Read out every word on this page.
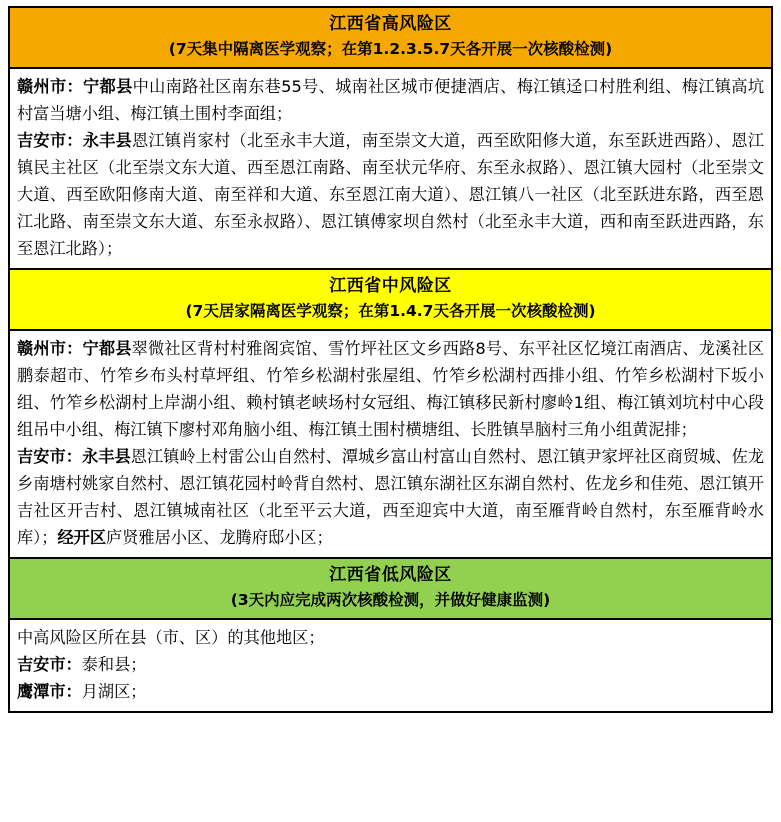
江西省高风险区
(7天集中隔离医学观察；在第1.2.3.5.7天各开展一次核酸检测)

赣州市：宁都县中山南路社区南东巷55号、城南社区城市便捷酒店、梅江镇迳口村胜利组、梅江镇高坑村富当塘小组、梅江镇土围村李面组；

吉安市：永丰县恩江镇肖家村（北至永丰大道，南至崇文大道，西至欧阳修大道，东至跃进西路）、恩江镇民主社区（北至崇文东大道、西至恩江南路、南至状元华府、东至永叔路）、恩江镇大园村（北至崇文大道、西至欧阳修南大道、南至祥和大道、东至恩江南大道）、恩江镇八一社区（北至跃进东路，西至恩江北路、南至崇文东大道、东至永叔路）、恩江镇傅家坝自然村（北至永丰大道，西和南至跃进西路，东至恩江北路）；

江西省中风险区
(7天居家隔离医学观察；在第1.4.7天各开展一次核酸检测)

赣州市：宁都县翠微社区背村村雅阁宾馆、雪竹坪社区文乡西路8号、东平社区忆境江南酒店、龙溪社区鹏泰超市、竹笮乡布头村草坪组、竹笮乡松湖村张屋组、竹笮乡松湖村西排小组、竹笮乡松湖村下坂小组、竹笮乡松湖村上岸湖小组、赖村镇老峡场村女冠组、梅江镇移民新村廖岭1组、梅江镇刘坑村中心段组吊中小组、梅江镇下廖村邓角脑小组、梅江镇土围村横塘组、长胜镇旱脑村三角小组黄泥排；

吉安市：永丰县恩江镇岭上村雷公山自然村、潭城乡富山村富山自然村、恩江镇尹家坪社区商贸城、佐龙乡南塘村姚家自然村、恩江镇花园村岭背自然村、恩江镇东湖社区东湖自然村、佐龙乡和佳苑、恩江镇开吉社区开吉村、恩江镇城南社区（北至平云大道，西至迎宾中大道，南至雁背岭自然村，东至雁背岭水库）；经开区庐贤雅居小区、龙腾府邸小区；

江西省低风险区
(3天内应完成两次核酸检测，并做好健康监测)

中高风险区所在县（市、区）的其他地区；

吉安市：泰和县；

鹰潭市：月湖区；
